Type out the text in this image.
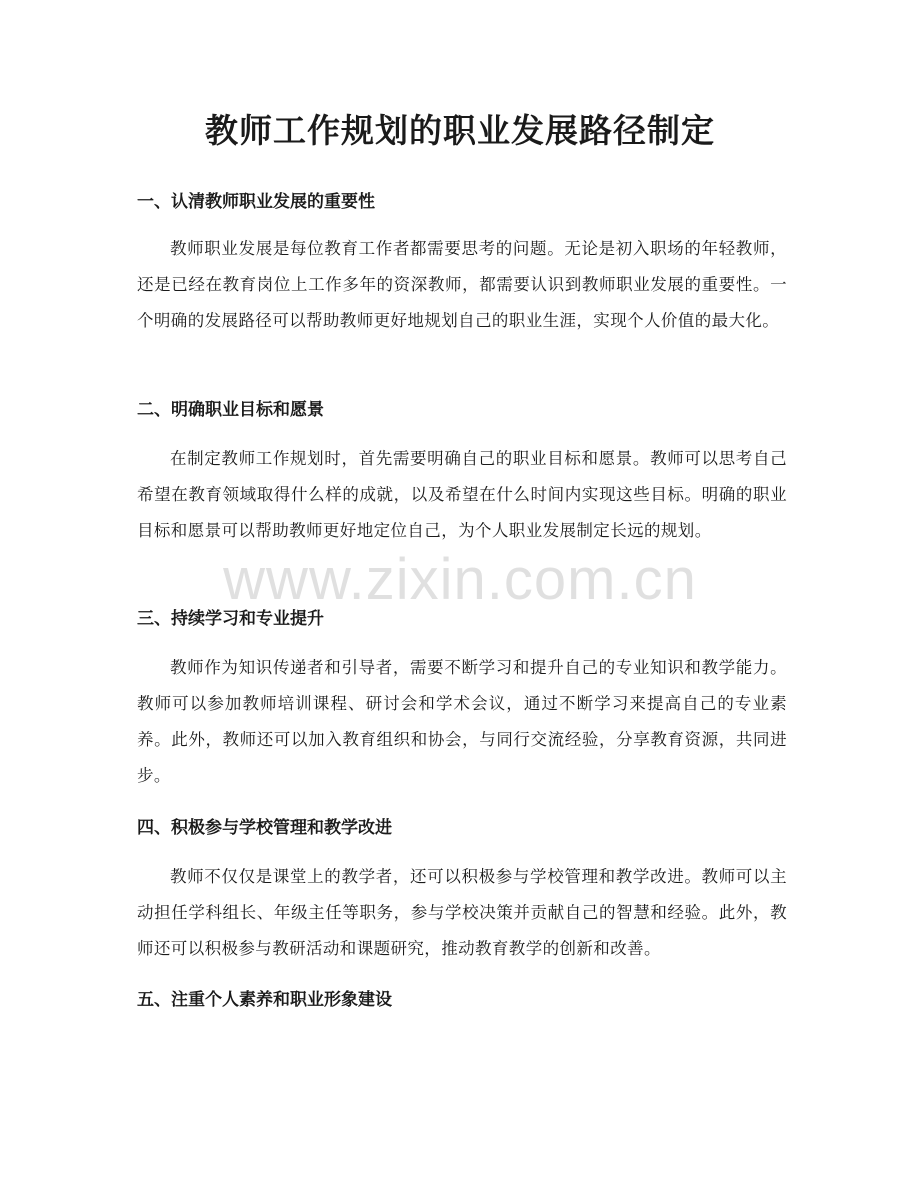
教师工作规划的职业发展路径制定
一、认清教师职业发展的重要性

教师职业发展是每位教育工作者都需要思考的问题。无论是初入职场的年轻教师，还是已经在教育岗位上工作多年的资深教师，都需要认识到教师职业发展的重要性。一个明确的发展路径可以帮助教师更好地规划自己的职业生涯，实现个人价值的最大化。

二、明确职业目标和愿景

在制定教师工作规划时，首先需要明确自己的职业目标和愿景。教师可以思考自己希望在教育领域取得什么样的成就，以及希望在什么时间内实现这些目标。明确的职业目标和愿景可以帮助教师更好地定位自己，为个人职业发展制定长远的规划。

三、持续学习和专业提升

教师作为知识传递者和引导者，需要不断学习和提升自己的专业知识和教学能力。教师可以参加教师培训课程、研讨会和学术会议，通过不断学习来提高自己的专业素养。此外，教师还可以加入教育组织和协会，与同行交流经验，分享教育资源，共同进步。

四、积极参与学校管理和教学改进

教师不仅仅是课堂上的教学者，还可以积极参与学校管理和教学改进。教师可以主动担任学科组长、年级主任等职务，参与学校决策并贡献自己的智慧和经验。此外，教师还可以积极参与教研活动和课题研究，推动教育教学的创新和改善。

五、注重个人素养和职业形象建设
www.zixin.com.cn
